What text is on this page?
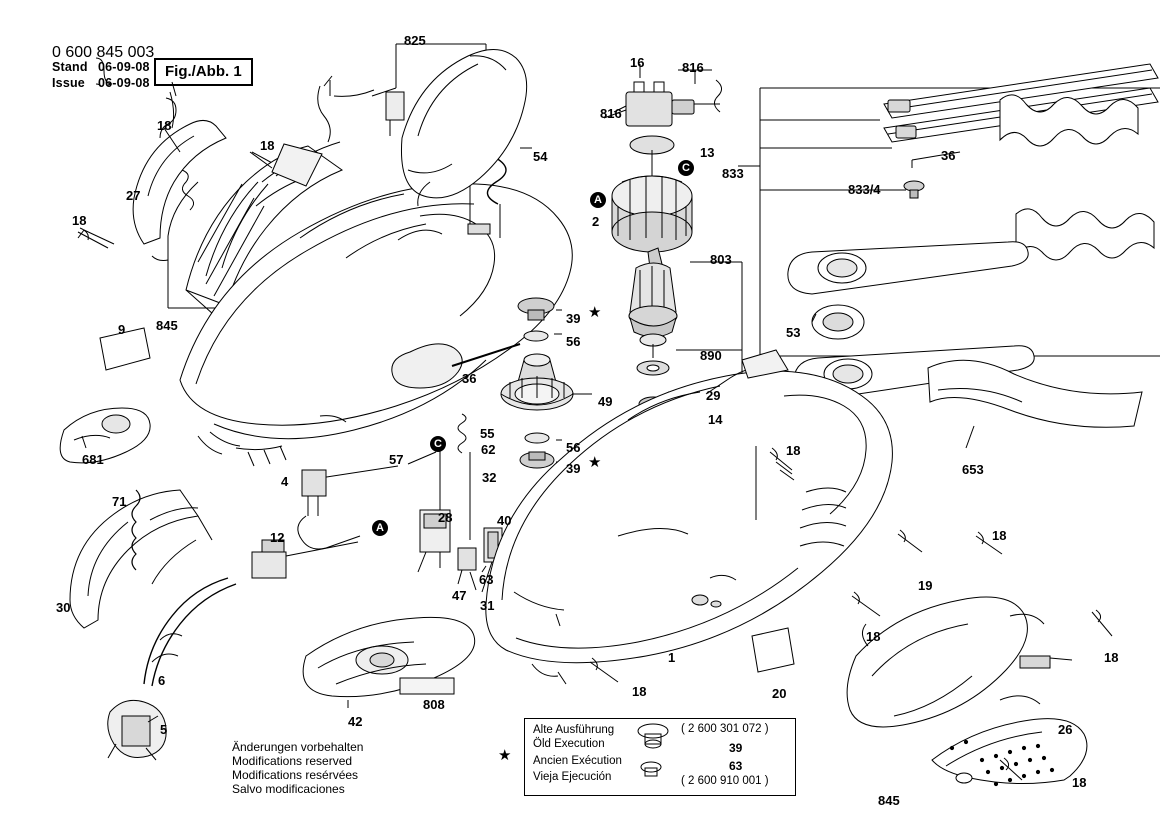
0 600 845 003
Stand
Issue
06-09-08
06-09-08
Fig./Abb. 1
Änderungen vorbehalten
Modifications reserved
Modifications resérvées
Salvo modificaciones
★
Alte Ausführung
Öld Execution
Ancien Exécution
Vieja Ejecución
( 2 600 301 072 )
39
63
( 2 600 910 001 )
★
★
825
16	816
816
13
833
36
833/4
18
18
54
A
2
C
27
18
803
845
9
39
56
890
36
49	29
14
53
681
55
62
C	56
39
57
32
4
28
71
12
A	40
18
18
19
47
31
63
30
18
18
1
6
653
20
18
5
42
808
26
845
18
